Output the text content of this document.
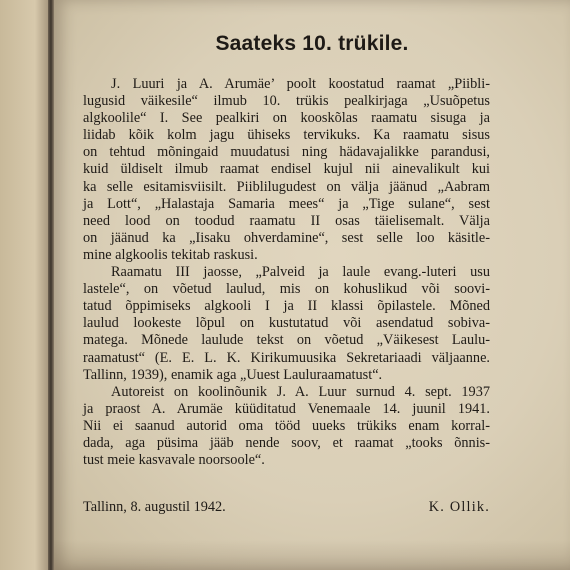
Saateks 10. trükile.
J. Luuri ja A. Arumäe’ poolt koostatud raamat „Piibli-
lugusid väikesile“ ilmub 10. trükis pealkirjaga „Usuõpetus
algkoolile“ I. See pealkiri on kooskõlas raamatu sisuga ja
liidab kõik kolm jagu ühiseks tervikuks. Ka raamatu sisus
on tehtud mõningaid muudatusi ning hädavajalikke parandusi,
kuid üldiselt ilmub raamat endisel kujul nii ainevalikult kui
ka selle esitamisviisilt. Piiblilugudest on välja jäänud „Aabram
ja Lott“, „Halastaja Samaria mees“ ja „Tige sulane“, sest
need lood on toodud raamatu II osas täielisemalt. Välja
on jäänud ka „Iisaku ohverdamine“, sest selle loo käsitle-
mine algkoolis tekitab raskusi.
Raamatu III jaosse, „Palveid ja laule evang.-luteri usu
lastele“, on võetud laulud, mis on kohuslikud või soovi-
tatud õppimiseks algkooli I ja II klassi õpilastele. Mõned
laulud lookeste lõpul on kustutatud või asendatud sobiva-
matega. Mõnede laulude tekst on võetud „Väikesest Laulu-
raamatust“ (E. E. L. K. Kirikumuusika Sekretariaadi väljaanne.
Tallinn, 1939), enamik aga „Uuest Lauluraamatust“.
Autoreist on koolinõunik J. A. Luur surnud 4. sept. 1937
ja praost A. Arumäe küüditatud Venemaale 14. juunil 1941.
Nii ei saanud autorid oma tööd uueks trükiks enam korral-
dada, aga püsima jääb nende soov, et raamat „tooks õnnis-
tust meie kasvavale noorsoole“.
Tallinn, 8. augustil 1942.	K. Ollik.
